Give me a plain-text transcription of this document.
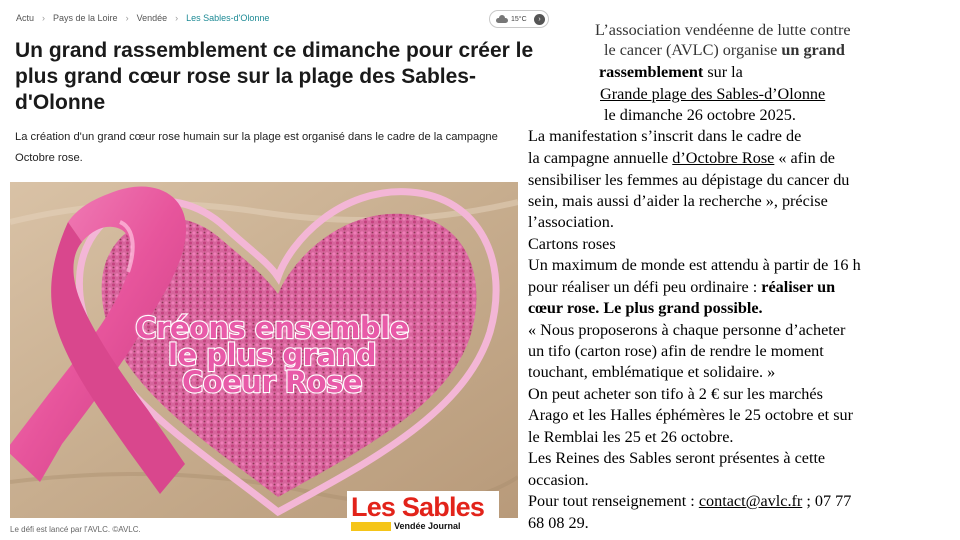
Actu › Pays de la Loire › Vendée › Les Sables-d'Olonne	15°C	›
Un grand rassemblement ce dimanche pour créer le plus grand cœur rose sur la plage des Sables-d'Olonne

La création d'un grand cœur rose humain sur la plage est organisé dans le cadre de la campagne Octobre rose.

Créons ensemble
le plus grand
Coeur Rose
Les Sables
Vendée Journal
Le défi est lancé par l'AVLC. ©AVLC.
L’association vendéenne de lutte contre
le cancer (AVLC) organise un grand
rassemblement sur la
Grande plage des Sables-d’Olonne
le dimanche 26 octobre 2025.
La manifestation s’inscrit dans le cadre de
la campagne annuelle d’Octobre Rose « afin de
sensibiliser les femmes au dépistage du cancer du
sein, mais aussi d’aider la recherche », précise
l’association.
Cartons roses
Un maximum de monde est attendu à partir de 16 h
pour réaliser un défi peu ordinaire : réaliser un
cœur rose. Le plus grand possible.
« Nous proposerons à chaque personne d’acheter
un tifo (carton rose) afin de rendre le moment
touchant, emblématique et solidaire. »
On peut acheter son tifo à 2 € sur les marchés
Arago et les Halles éphémères le 25 octobre et sur
le Remblai les 25 et 26 octobre.
Les Reines des Sables seront présentes à cette
occasion.
Pour tout renseignement : contact@avlc.fr ; 07 77
68 08 29.
